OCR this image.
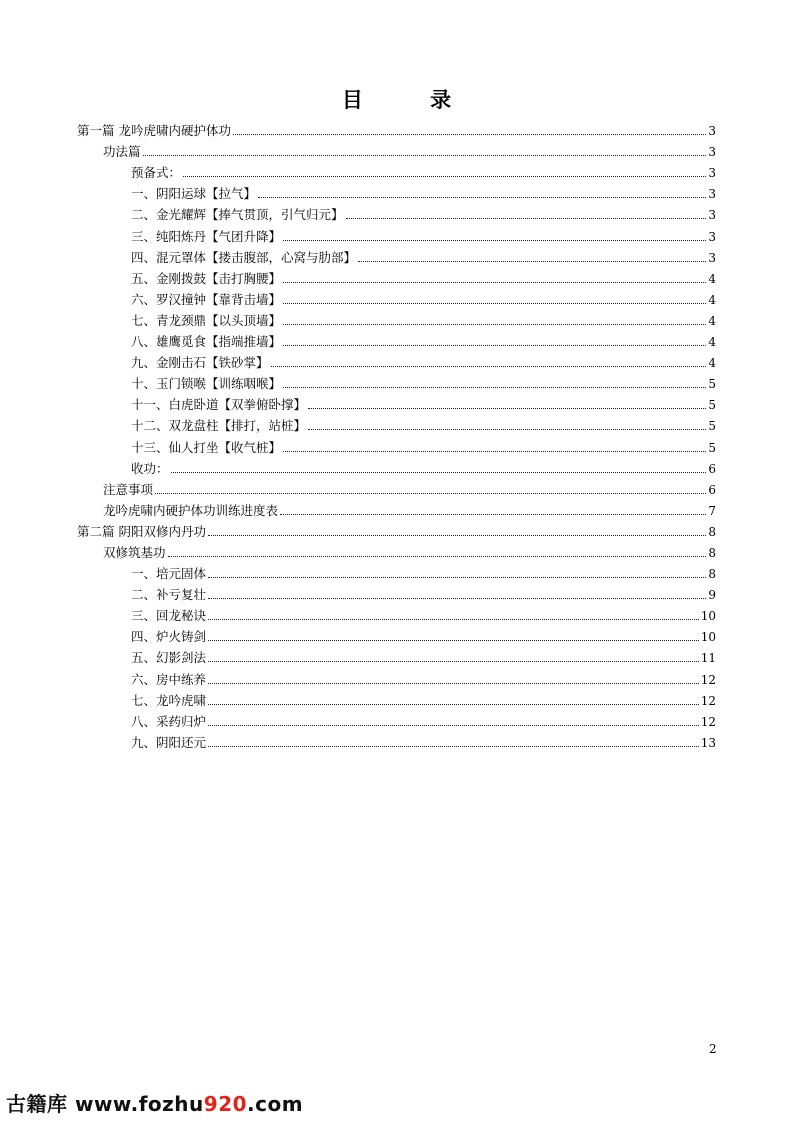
目 录
第一篇 龙吟虎啸内硬护体功	3
功法篇	3
预备式：	3
一、阴阳运球【拉气】	3
二、金光耀辉【捧气贯顶，引气归元】	3
三、纯阳炼丹【气团升降】	3
四、混元罩体【搂击腹部，心窝与肋部】	3
五、金刚拨鼓【击打胸腰】	4
六、罗汉撞钟【靠背击墙】	4
七、青龙颈鼎【以头顶墙】	4
八、雄鹰觅食【指端推墙】	4
九、金刚击石【铁砂掌】	4
十、玉门锁喉【训练咽喉】	5
十一、白虎卧道【双拳俯卧撑】	5
十二、双龙盘柱【排打，站桩】	5
十三、仙人打坐【收气桩】	5
收功：	6
注意事项	6
龙吟虎啸内硬护体功训练进度表	7
第二篇 阴阳双修内丹功	8
双修筑基功	8
一、培元固体	8
二、补亏复壮	9
三、回龙秘诀	10
四、炉火铸剑	10
五、幻影剑法	11
六、房中练养	12
七、龙吟虎啸	12
八、采药归炉	12
九、阴阳还元	13
2
古籍库 www.fozhu920.com
